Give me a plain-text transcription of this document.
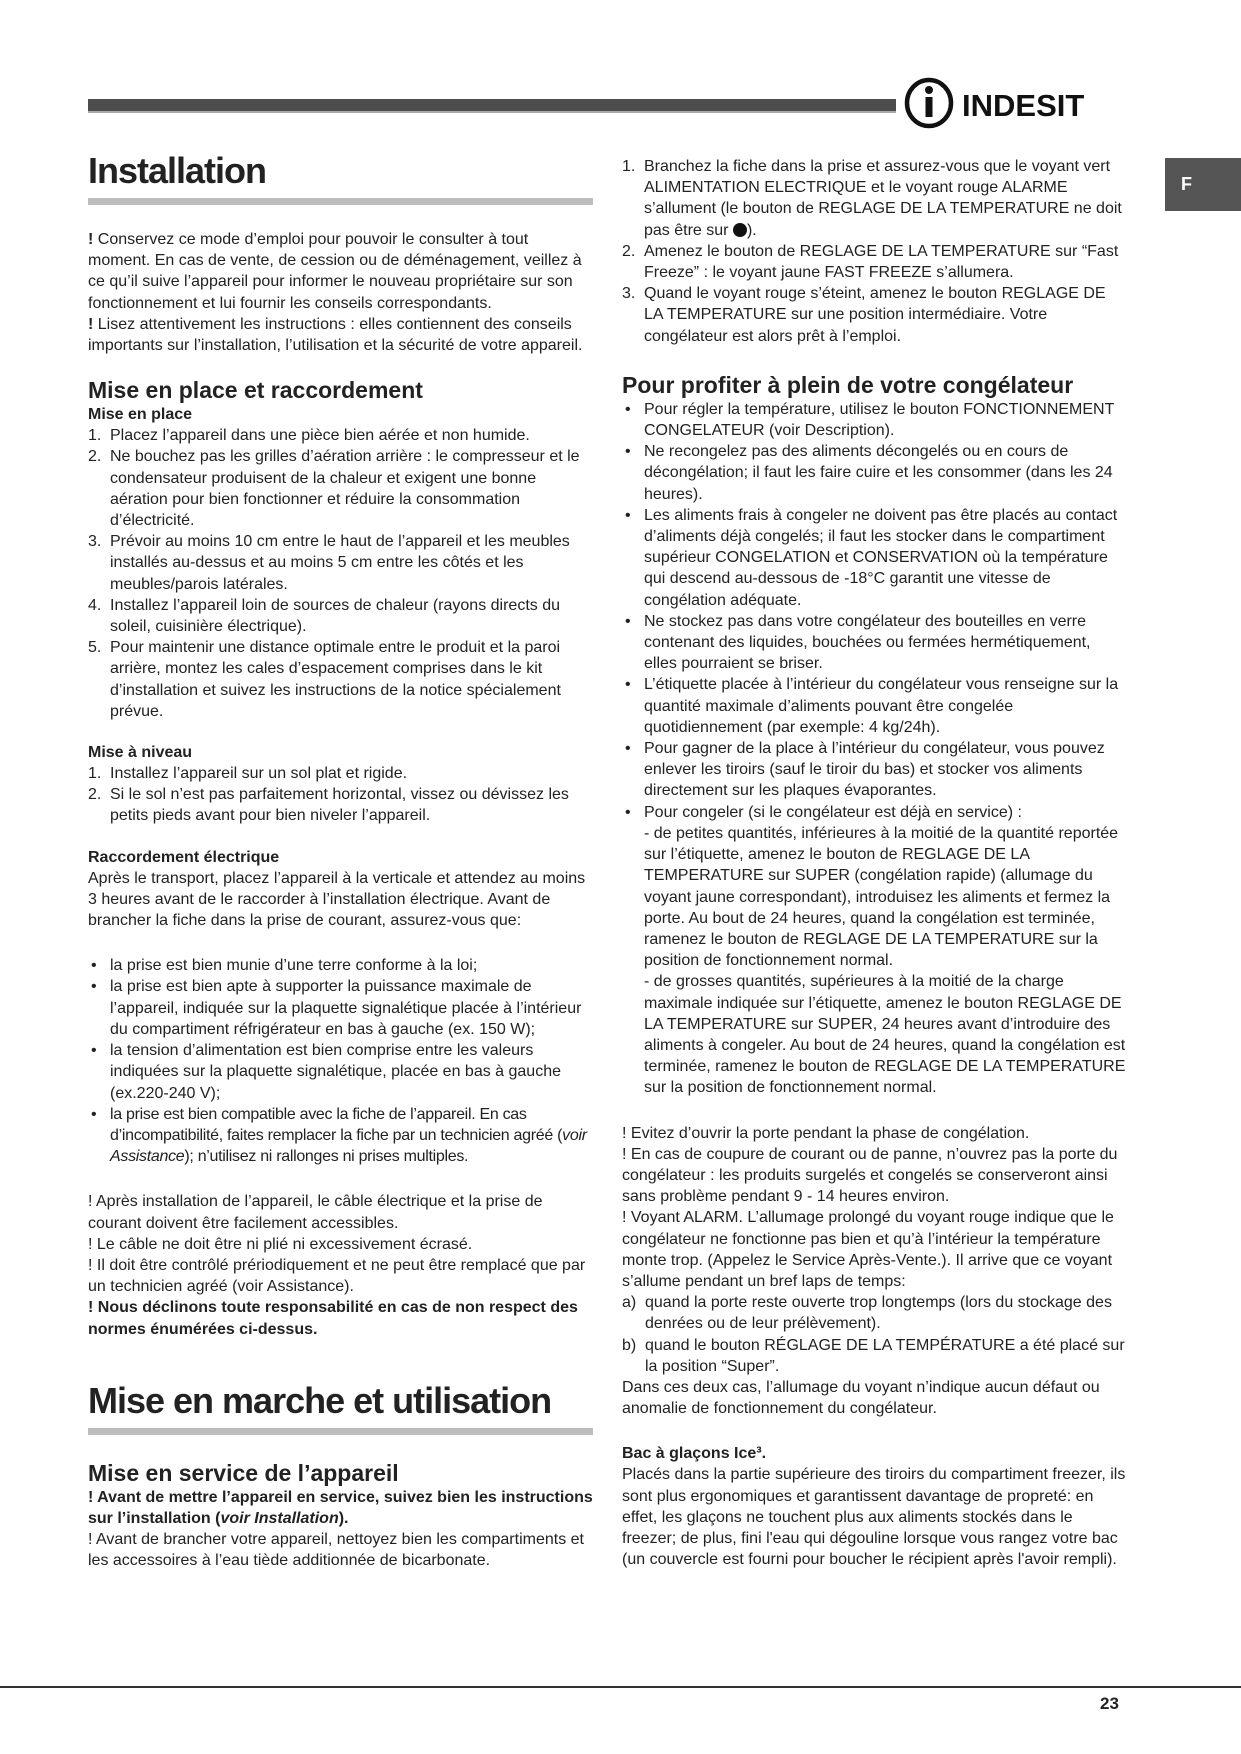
INDESIT
F
Installation

! Conservez ce mode d’emploi pour pouvoir le consulter à tout moment. En cas de vente, de cession ou de déménagement, veillez à ce qu’il suive l’appareil pour informer le nouveau propriétaire sur son fonctionnement et lui fournir les conseils correspondants.

! Lisez attentivement les instructions : elles contiennent des conseils importants sur l’installation, l’utilisation et la sécurité de votre appareil.

Mise en place et raccordement
Mise en place
1. Placez l’appareil dans une pièce bien aérée et non humide.
2. Ne bouchez pas les grilles d’aération arrière : le compresseur et le condensateur produisent de la chaleur et exigent une bonne aération pour bien fonctionner et réduire la consommation d’électricité.
3. Prévoir au moins 10 cm entre le haut de l’appareil et les meubles installés au-dessus et au moins 5 cm entre les côtés et les meubles/parois latérales.
4. Installez l’appareil loin de sources de chaleur (rayons directs du soleil, cuisinière électrique).
5. Pour maintenir une distance optimale entre le produit et la paroi arrière, montez les cales d’espacement comprises dans le kit d’installation et suivez les instructions de la notice spécialement prévue.
Mise à niveau
1. Installez l’appareil sur un sol plat et rigide.
2. Si le sol n’est pas parfaitement horizontal, vissez ou dévissez les petits pieds avant pour bien niveler l’appareil.
Raccordement électrique

Après le transport, placez l’appareil à la verticale et attendez au moins 3 heures avant de le raccorder à l’installation électrique. Avant de brancher la fiche dans la prise de courant, assurez-vous que:

• la prise est bien munie d’une terre conforme à la loi;
• la prise est bien apte à supporter la puissance maximale de l’appareil, indiquée sur la plaquette signalétique placée à l’intérieur du compartiment réfrigérateur en bas à gauche (ex. 150 W);
• la tension d’alimentation est bien comprise entre les valeurs indiquées sur la plaquette signalétique, placée en bas à gauche (ex.220-240 V);
• la prise est bien compatible avec la fiche de l’appareil. En cas d’incompatibilité, faites remplacer la fiche par un technicien agréé (voir Assistance); n’utilisez ni rallonges ni prises multiples.

! Après installation de l’appareil, le câble électrique et la prise de courant doivent être facilement accessibles.

! Le câble ne doit être ni plié ni excessivement écrasé.

! Il doit être contrôlé prériodiquement et ne peut être remplacé que par un technicien agréé (voir Assistance).

! Nous déclinons toute responsabilité en cas de non respect des normes énumérées ci-dessus.

Mise en marche et utilisation
Mise en service de l’appareil

! Avant de mettre l’appareil en service, suivez bien les instructions sur l’installation (voir Installation).

! Avant de brancher votre appareil, nettoyez bien les compartiments et les accessoires à l’eau tiède additionnée de bicarbonate.

1. Branchez la fiche dans la prise et assurez-vous que le voyant vert ALIMENTATION ELECTRIQUE et le voyant rouge ALARME s’allument (le bouton de REGLAGE DE LA TEMPERATURE ne doit pas être sur ).
2. Amenez le bouton de REGLAGE DE LA TEMPERATURE sur “Fast Freeze” : le voyant jaune FAST FREEZE s’allumera.
3. Quand le voyant rouge s’éteint, amenez le bouton REGLAGE DE LA TEMPERATURE sur une position intermédiaire. Votre congélateur est alors prêt à l’emploi.
Pour profiter à plein de votre congélateur
• Pour régler la température, utilisez le bouton FONCTIONNEMENT CONGELATEUR (voir Description).
• Ne recongelez pas des aliments décongelés ou en cours de décongélation; il faut les faire cuire et les consommer (dans les 24 heures).
• Les aliments frais à congeler ne doivent pas être placés au contact d’aliments déjà congelés; il faut les stocker dans le compartiment supérieur CONGELATION et CONSERVATION où la température qui descend au-dessous de -18°C garantit une vitesse de congélation adéquate.
• Ne stockez pas dans votre congélateur des bouteilles en verre contenant des liquides, bouchées ou fermées hermétiquement, elles pourraient se briser.
• L’étiquette placée à l’intérieur du congélateur vous renseigne sur la quantité maximale d’aliments pouvant être congelée quotidiennement (par exemple: 4 kg/24h).
• Pour gagner de la place à l’intérieur du congélateur, vous pouvez enlever les tiroirs (sauf le tiroir du bas) et stocker vos aliments directement sur les plaques évaporantes.
• Pour congeler (si le congélateur est déjà en service) :
- de petites quantités, inférieures à la moitié de la quantité reportée sur l’étiquette, amenez le bouton de REGLAGE DE LA TEMPERATURE sur SUPER (congélation rapide) (allumage du voyant jaune correspondant), introduisez les aliments et fermez la porte. Au bout de 24 heures, quand la congélation est terminée, ramenez le bouton de REGLAGE DE LA TEMPERATURE sur la position de fonctionnement normal.
- de grosses quantités, supérieures à la moitié de la charge maximale indiquée sur l’étiquette, amenez le bouton REGLAGE DE LA TEMPERATURE sur SUPER, 24 heures avant d’introduire des aliments à congeler. Au bout de 24 heures, quand la congélation est terminée, ramenez le bouton de REGLAGE DE LA TEMPERATURE sur la position de fonctionnement normal.

! Evitez d’ouvrir la porte pendant la phase de congélation.

! En cas de coupure de courant ou de panne, n’ouvrez pas la porte du congélateur : les produits surgelés et congelés se conserveront ainsi sans problème pendant 9 - 14 heures environ.

! Voyant ALARM. L’allumage prolongé du voyant rouge indique que le congélateur ne fonctionne pas bien et qu’à l’intérieur la température monte trop. (Appelez le Service Après-Vente.). Il arrive que ce voyant s’allume pendant un bref laps de temps:

a) quand la porte reste ouverte trop longtemps (lors du stockage des denrées ou de leur prélèvement).
b) quand le bouton RÉGLAGE DE LA TEMPÉRATURE a été placé sur la position “Super”.

Dans ces deux cas, l’allumage du voyant n’indique aucun défaut ou anomalie de fonctionnement du congélateur.

Bac à glaçons Ice³.

Placés dans la partie supérieure des tiroirs du compartiment freezer, ils sont plus ergonomiques et garantissent davantage de propreté: en effet, les glaçons ne touchent plus aux aliments stockés dans le freezer; de plus, fini l'eau qui dégouline lorsque vous rangez votre bac (un couvercle est fourni pour boucher le récipient après l'avoir rempli).

23
